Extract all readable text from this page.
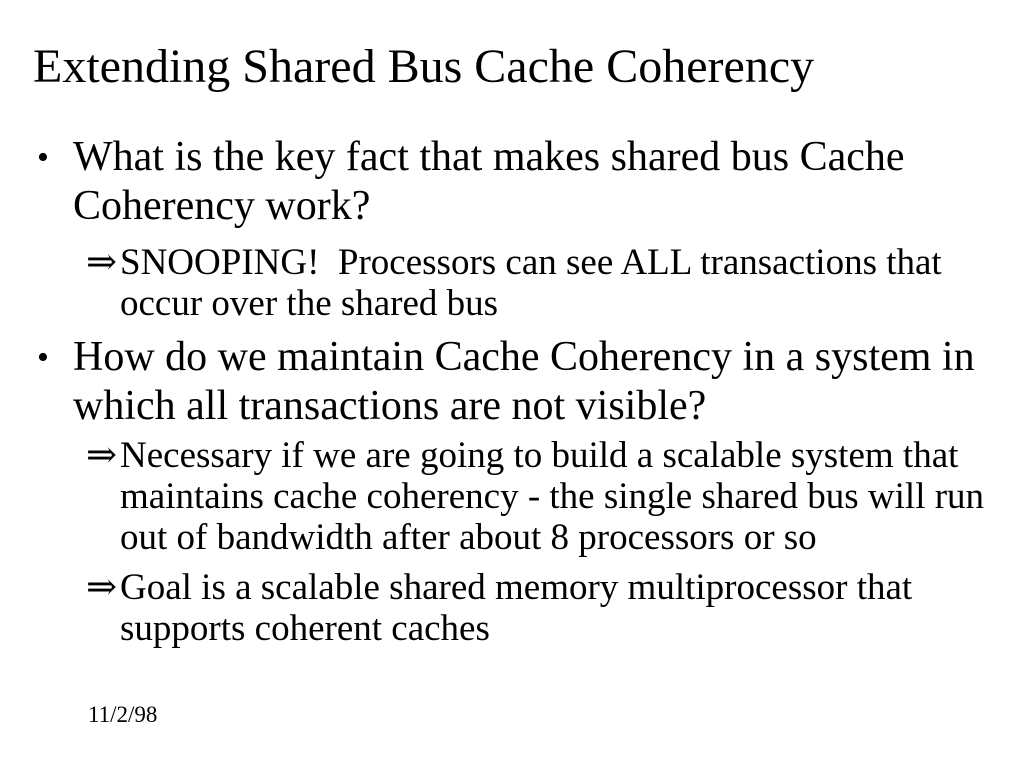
Extending Shared Bus Cache Coherency
• What is the key fact that makes shared bus Cache
Coherency work?
⇒ SNOOPING!  Processors can see ALL transactions that
occur over the shared bus
• How do we maintain Cache Coherency in a system in
which all transactions are not visible?
⇒ Necessary if we are going to build a scalable system that
maintains cache coherency - the single shared bus will run
out of bandwidth after about 8 processors or so
⇒ Goal is a scalable shared memory multiprocessor that
supports coherent caches
11/2/98
